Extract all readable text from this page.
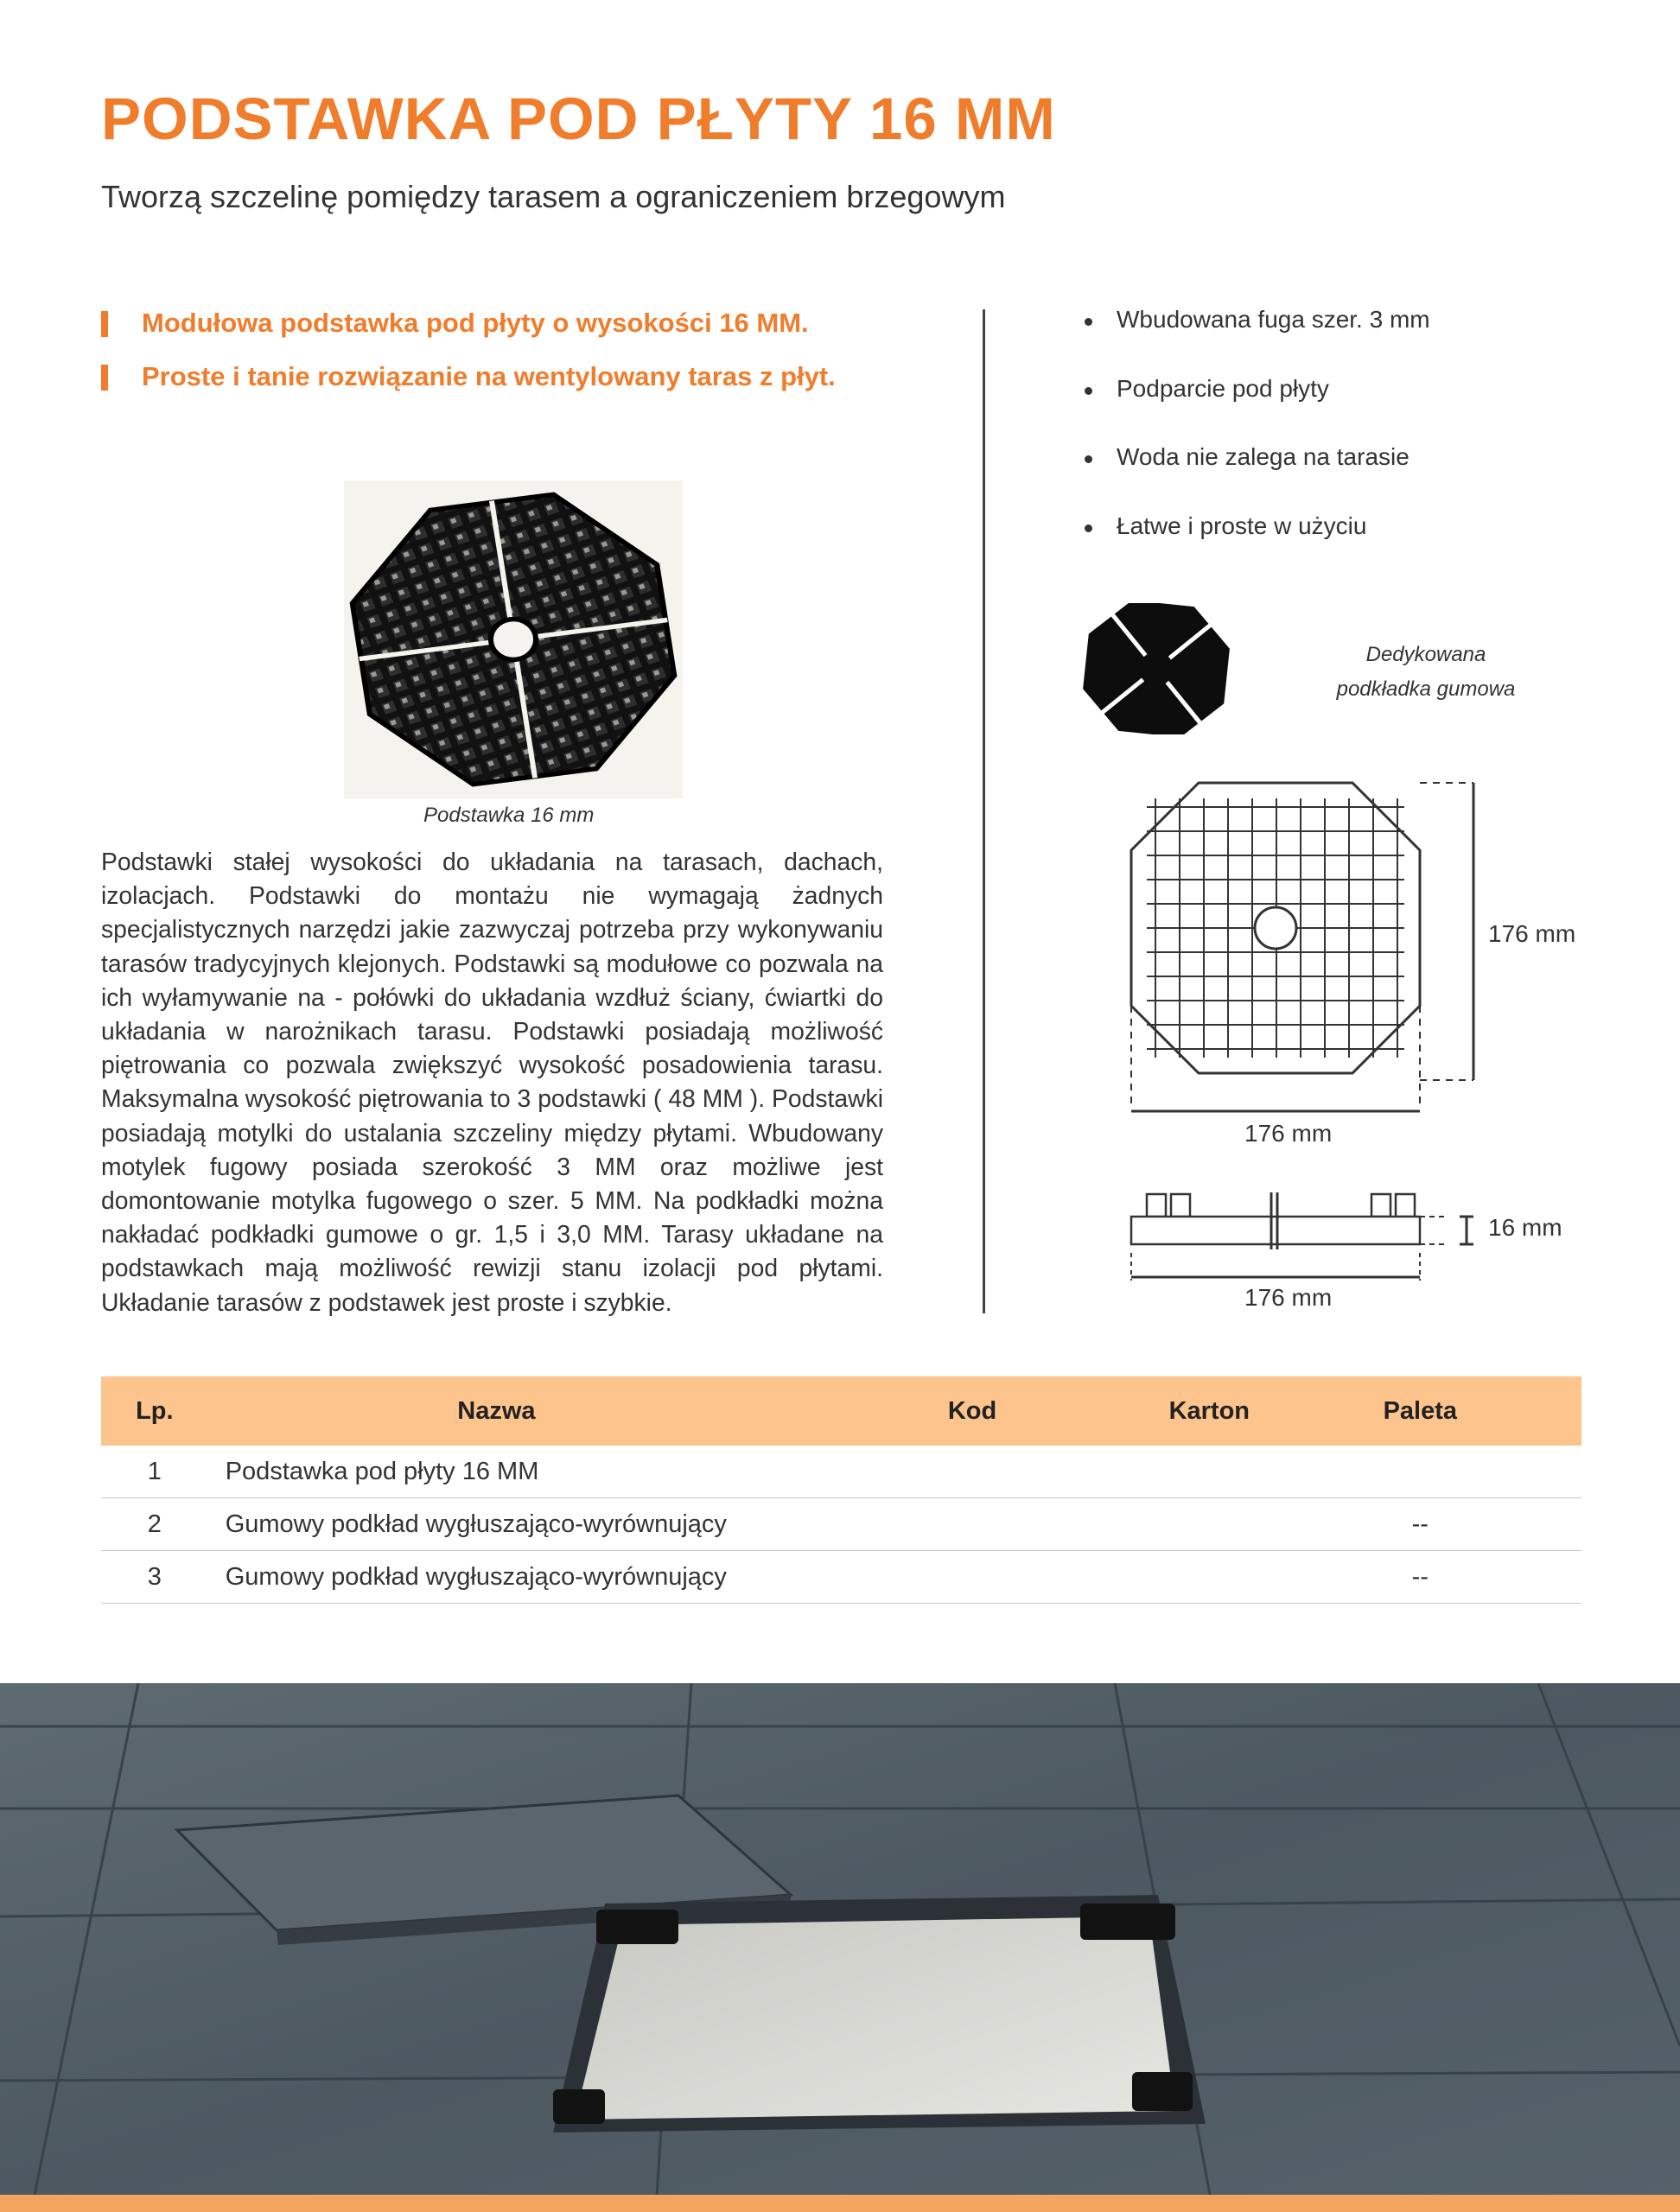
PODSTAWKA POD PŁYTY 16 MM
Tworzą szczelinę pomiędzy tarasem a ograniczeniem brzegowym
Modułowa podstawka pod płyty o wysokości 16 MM.
Proste i tanie rozwiązanie na wentylowany taras z płyt.
Podstawka 16 mm
Podstawki stałej wysokości do układania na tarasach, dachach, izolacjach. Podstawki do montażu nie wymagają żadnych specjalistycznych narzędzi jakie zazwyczaj potrzeba przy wykonywaniu tarasów tradycyjnych klejonych. Podstawki są modułowe co pozwala na ich wyłamywanie na - połówki do układania wzdłuż ściany, ćwiartki do układania w narożnikach tarasu. Podstawki posiadają możliwość piętrowania co pozwala zwiększyć wysokość posadowienia tarasu. Maksymalna wysokość piętrowania to 3 podstawki ( 48 MM ). Podstawki posiadają motylki do ustalania szczeliny między płytami. Wbudowany motylek fugowy posiada szerokość 3 MM oraz możliwe jest domontowanie motylka fugowego o szer. 5 MM. Na podkładki można nakładać podkładki gumowe o gr. 1,5 i 3,0 MM. Tarasy układane na podstawkach mają możliwość rewizji stanu izolacji pod płytami. Układanie tarasów z podstawek jest proste i szybkie.
Wbudowana fuga szer. 3 mm
Podparcie pod płyty
Woda nie zalega na tarasie
Łatwe i proste w użyciu
Dedykowana
podkładka gumowa
176 mm
176 mm
16 mm
176 mm
Lp.	Nazwa	Kod	Karton	Paleta
1	Podstawka pod płyty 16 MM			
2	Gumowy podkład wygłuszająco-wyrównujący			--
3	Gumowy podkład wygłuszająco-wyrównujący			--
